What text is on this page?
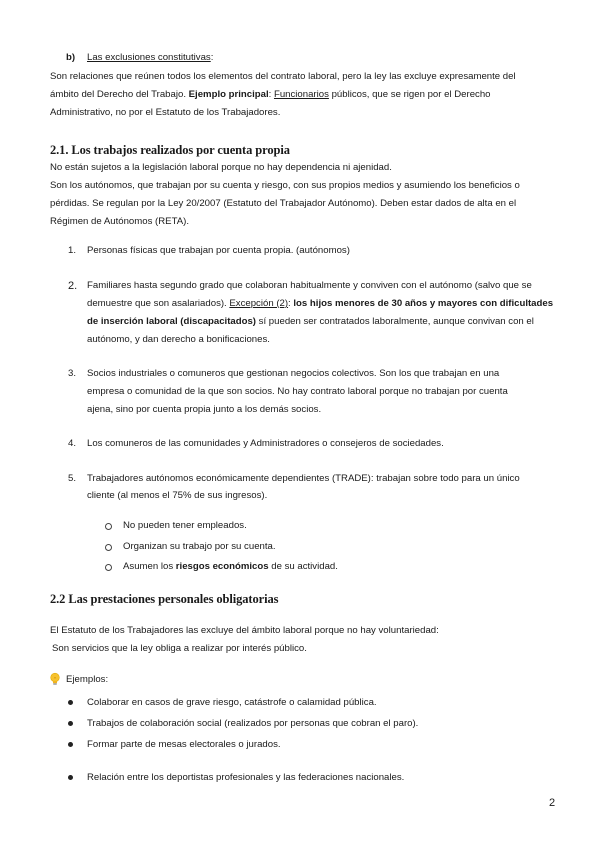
b) Las exclusiones constitutivas:
Son relaciones que reúnen todos los elementos del contrato laboral, pero la ley las excluye expresamente del
ámbito del Derecho del Trabajo. Ejemplo principal: Funcionarios públicos, que se rigen por el Derecho
Administrativo, no por el Estatuto de los Trabajadores.
2.1. Los trabajos realizados por cuenta propia
No están sujetos a la legislación laboral porque no hay dependencia ni ajenidad.
Son los autónomos, que trabajan por su cuenta y riesgo, con sus propios medios y asumiendo los beneficios o
pérdidas. Se regulan por la Ley 20/2007 (Estatuto del Trabajador Autónomo). Deben estar dados de alta en el
Régimen de Autónomos (RETA).
1. Personas físicas que trabajan por cuenta propia. (autónomos)
2. Familiares hasta segundo grado que colaboran habitualmente y conviven con el autónomo (salvo que se
demuestre que son asalariados). Excepción (2): los hijos menores de 30 años y mayores con dificultades
de inserción laboral (discapacitados) sí pueden ser contratados laboralmente, aunque convivan con el
autónomo, y dan derecho a bonificaciones.
3. Socios industriales o comuneros que gestionan negocios colectivos. Son los que trabajan en una
empresa o comunidad de la que son socios. No hay contrato laboral porque no trabajan por cuenta
ajena, sino por cuenta propia junto a los demás socios.
4. Los comuneros de las comunidades y Administradores o consejeros de sociedades.
5. Trabajadores autónomos económicamente dependientes (TRADE): trabajan sobre todo para un único
cliente (al menos el 75% de sus ingresos).
No pueden tener empleados.
Organizan su trabajo por su cuenta.
Asumen los riesgos económicos de su actividad.
2.2 Las prestaciones personales obligatorias
El Estatuto de los Trabajadores las excluye del ámbito laboral porque no hay voluntariedad:
Son servicios que la ley obliga a realizar por interés público.
Ejemplos:
Colaborar en casos de grave riesgo, catástrofe o calamidad pública.
Trabajos de colaboración social (realizados por personas que cobran el paro).
Formar parte de mesas electorales o jurados.
Relación entre los deportistas profesionales y las federaciones nacionales.
2
